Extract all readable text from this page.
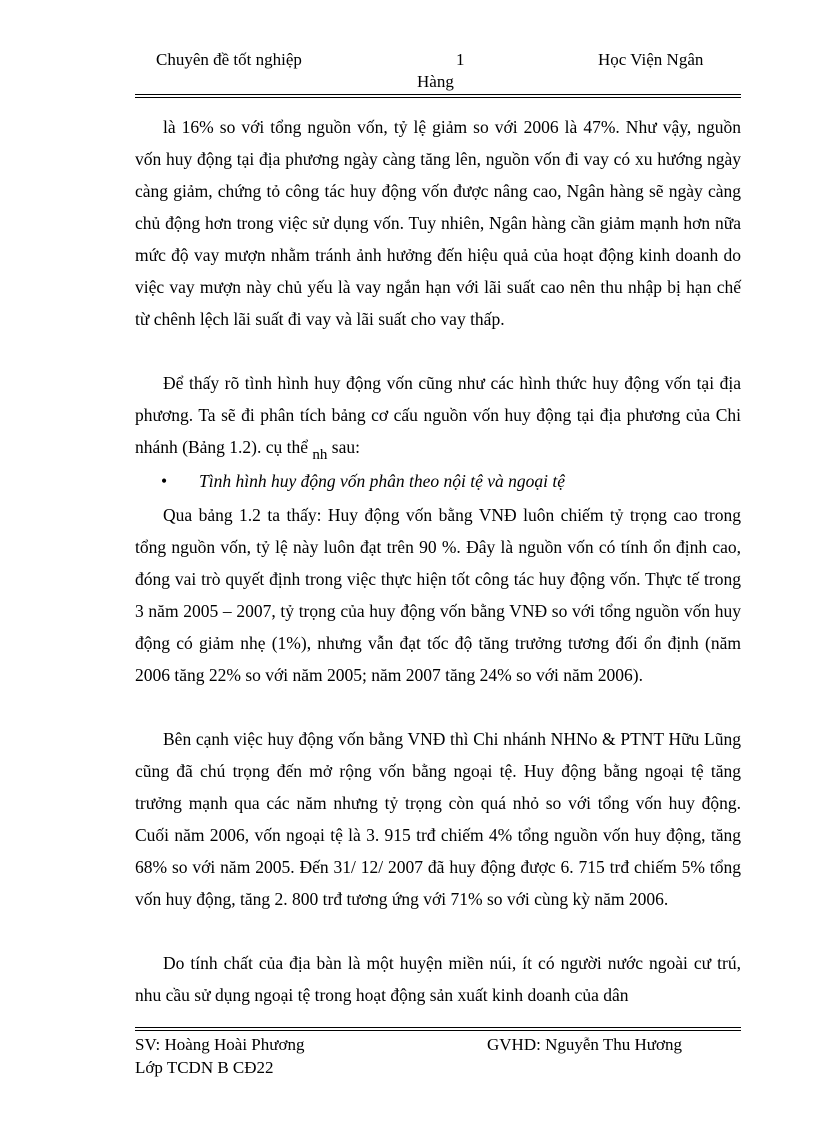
Chuyên đề tốt nghiệp	1	Học Viện Ngân
Hàng

là 16% so với tổng nguồn vốn, tỷ lệ giảm so với 2006 là 47%. Như vậy, nguồn vốn huy động tại địa phương ngày càng tăng lên, nguồn vốn đi vay có xu hướng ngày càng giảm, chứng tỏ công tác huy động vốn được nâng cao, Ngân hàng sẽ ngày càng chủ động hơn trong việc sử dụng vốn. Tuy nhiên, Ngân hàng cần giảm mạnh hơn nữa mức độ vay mượn nhằm tránh ảnh hưởng đến hiệu quả của hoạt động kinh doanh do việc vay mượn này chủ yếu là vay ngắn hạn với lãi suất cao nên thu nhập bị hạn chế từ chênh lệch lãi suất đi vay và lãi suất cho vay thấp.

Để thấy rõ tình hình huy động vốn cũng như các hình thức huy động vốn tại địa phương. Ta sẽ đi phân tích bảng cơ cấu nguồn vốn huy động tại địa phương của Chi nhánh (Bảng 1.2). cụ thể nh sau:

• Tình hình huy động vốn phân theo nội tệ và ngoại tệ

Qua bảng 1.2 ta thấy: Huy động vốn bằng VNĐ luôn chiếm tỷ trọng cao trong tổng nguồn vốn, tỷ lệ này luôn đạt trên 90 %. Đây là nguồn vốn có tính ổn định cao, đóng vai trò quyết định trong việc thực hiện tốt công tác huy động vốn. Thực tế trong 3 năm 2005 – 2007, tỷ trọng của huy động vốn bằng VNĐ so với tổng nguồn vốn huy động có giảm nhẹ (1%), nhưng vẫn đạt tốc độ tăng trưởng tương đối ổn định (năm 2006 tăng 22% so với năm 2005; năm 2007 tăng 24% so với năm 2006).

Bên cạnh việc huy động vốn bằng VNĐ thì Chi nhánh NHNo & PTNT Hữu Lũng cũng đã chú trọng đến mở rộng vốn bằng ngoại tệ. Huy động bằng ngoại tệ tăng trưởng mạnh qua các năm nhưng tỷ trọng còn quá nhỏ so với tổng vốn huy động. Cuối năm 2006, vốn ngoại tệ là 3. 915 trđ chiếm 4% tổng nguồn vốn huy động, tăng 68% so với năm 2005. Đến 31/ 12/ 2007 đã huy động được 6. 715 trđ chiếm 5% tổng vốn huy động, tăng 2. 800 trđ tương ứng với 71% so với cùng kỳ năm 2006.

Do tính chất của địa bàn là một huyện miền núi, ít có người nước ngoài cư trú, nhu cầu sử dụng ngoại tệ trong hoạt động sản xuất kinh doanh của dân

SV: Hoàng Hoài Phương
Lớp TCDN B CĐ22
GVHD: Nguyễn Thu Hương
